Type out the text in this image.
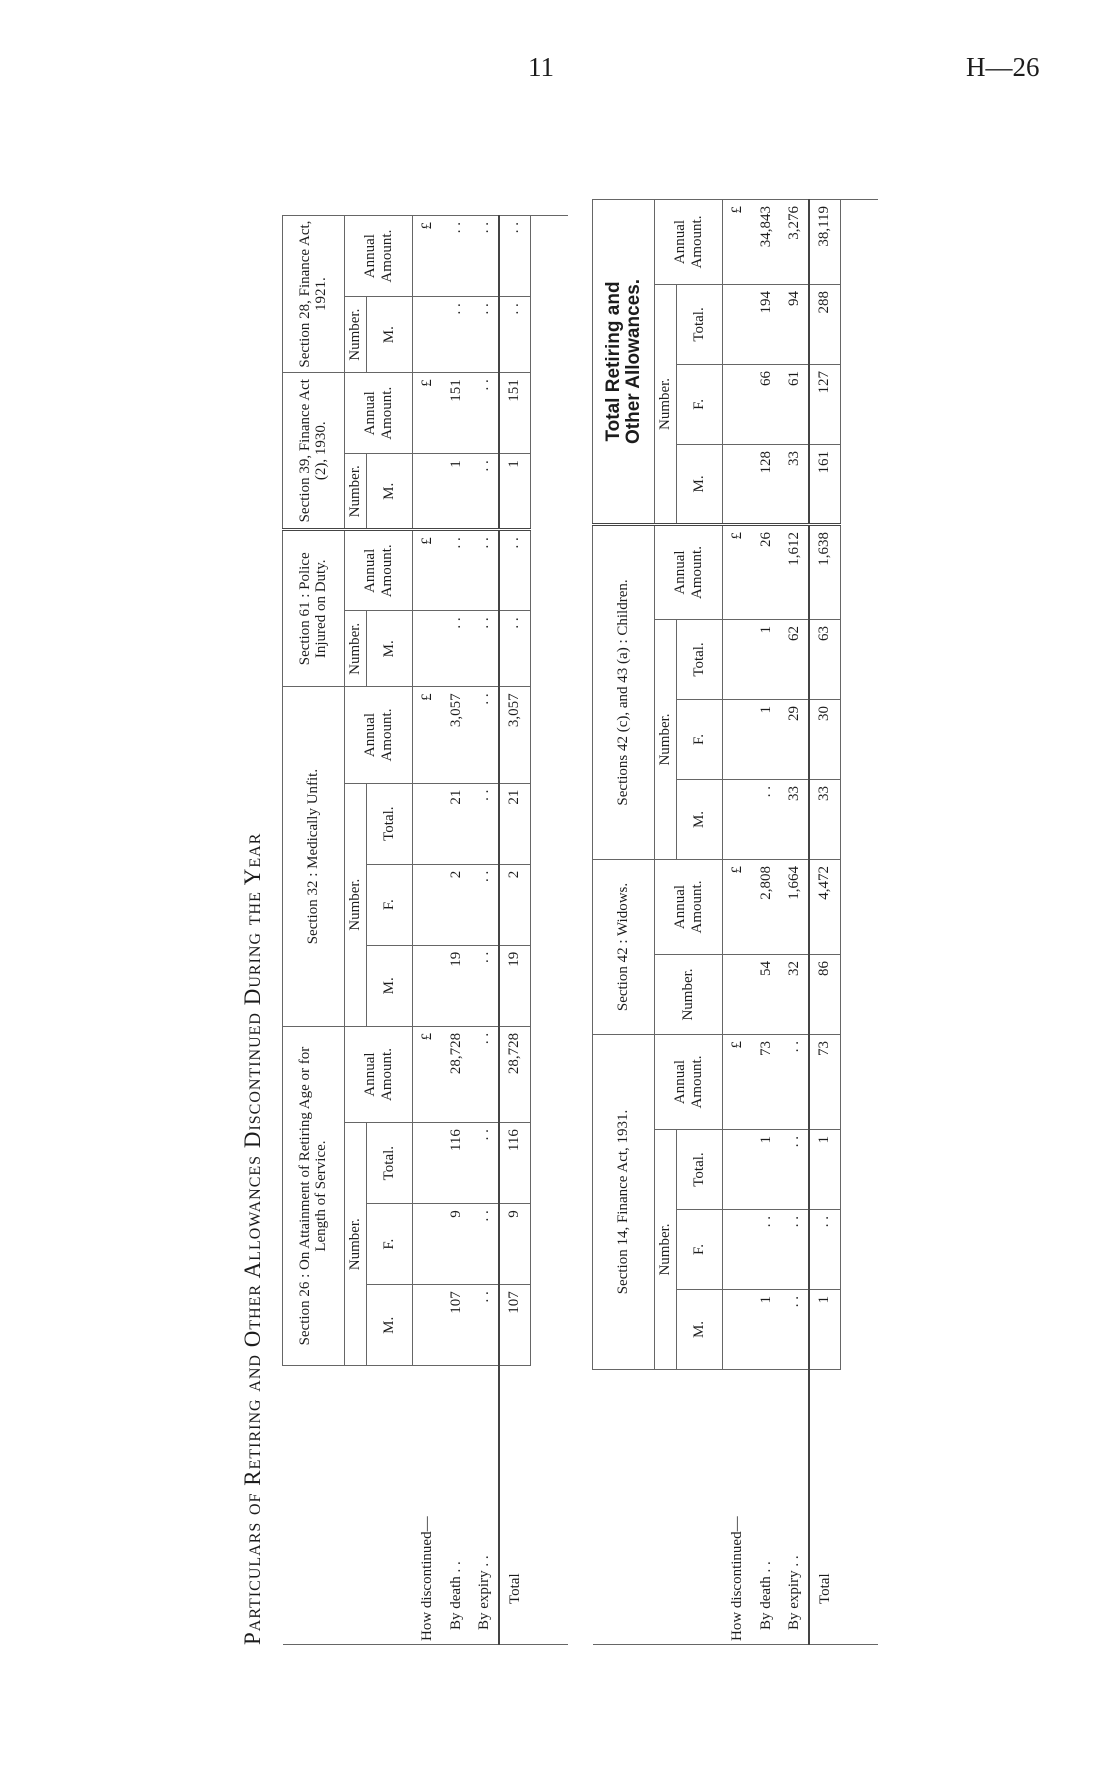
11	H—26
Particulars of Retiring and Other Allowances Discontinued During the Year
		Section 26 : On Attainment of Retiring Age or for Length of Service.				Section 32 : Medically Unfit.				Section 61 : Police Injured on Duty.		Section 39, Finance Act (2), 1930.		Section 28, Finance Act, 1921.	
	Number.			Annual Amount.	Number.			Annual Amount.	Number.	Annual Amount.	Number.	Annual Amount.	Number.	Annual Amount.
	M.	F.	Total.		M.	F.	Total.		M.		M.		M.	
How discontinued—				£				£		£		£		£
By death . .	107	9	116	28,728	19	2	21	3,057	. .	. .	1	151	. .	. .
By expiry . .	. .	. .	. .	. .	. .	. .	. .	. .	. .	. .	. .	. .	. .	. .
Total	107	9	116	28,728	19	2	21	3,057	. .	. .	1	151	. .	. .

	Section 14, Finance Act, 1931.				Section 42 : Widows.		Sections 42 (c), and 43 (a) : Children.				Total Retiring and
Other Allowances.			

	Number.			Annual Amount.	Number.	Annual Amount.	Number.			Annual Amount.	Number.			Annual Amount.
	M.	F.	Total.				M.	F.	Total.		M.	F.	Total.	
How discontinued—				£		£				£				£
By death . .	1	. .	1	73	54	2,808	. .	1	1	26	128	66	194	34,843
By expiry . .	. .	. .	. .	. .	32	1,664	33	29	62	1,612	33	61	94	3,276
Total	1	. .	1	73	86	4,472	33	30	63	1,638	161	127	288	38,119
